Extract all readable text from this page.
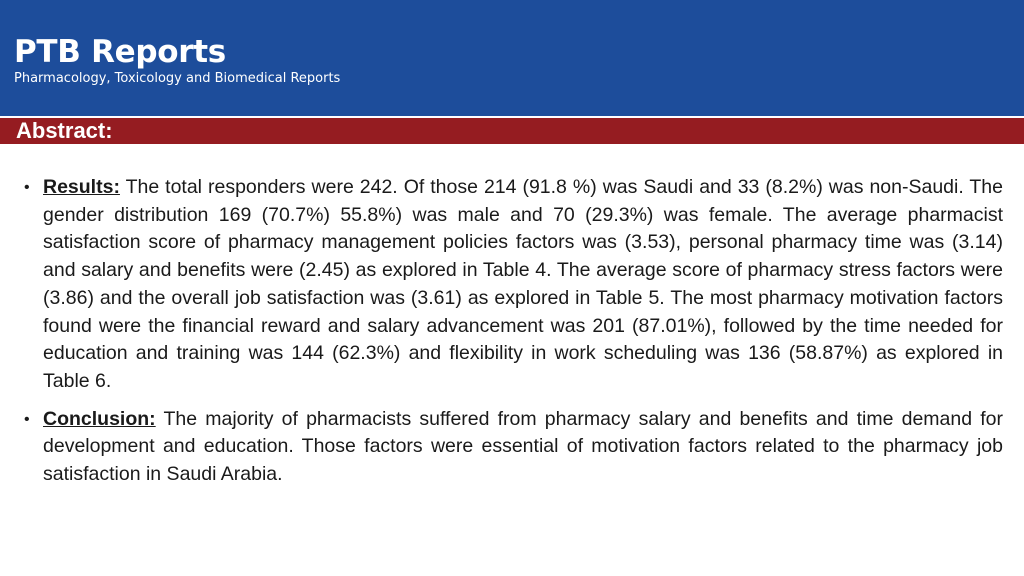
PTB Reports

Pharmacology, Toxicology and Biomedical Reports

Abstract:
• Results: The total responders were 242. Of those 214 (91.8 %) was Saudi and 33 (8.2%) was non-Saudi. The gender distribution 169 (70.7%) 55.8%) was male and 70 (29.3%) was female. The average pharmacist satisfaction score of pharmacy management policies factors was (3.53), personal pharmacy time was (3.14) and salary and benefits were (2.45) as explored in Table 4. The average score of pharmacy stress factors were (3.86) and the overall job satisfaction was (3.61) as explored in Table 5. The most pharmacy motivation factors found were the financial reward and salary advancement was 201 (87.01%), followed by the time needed for education and training was 144 (62.3%) and flexibility in work scheduling was 136 (58.87%) as explored in Table 6.
• Conclusion: The majority of pharmacists suffered from pharmacy salary and benefits and time demand for development and education. Those factors were essential of motivation factors related to the pharmacy job satisfaction in Saudi Arabia.
